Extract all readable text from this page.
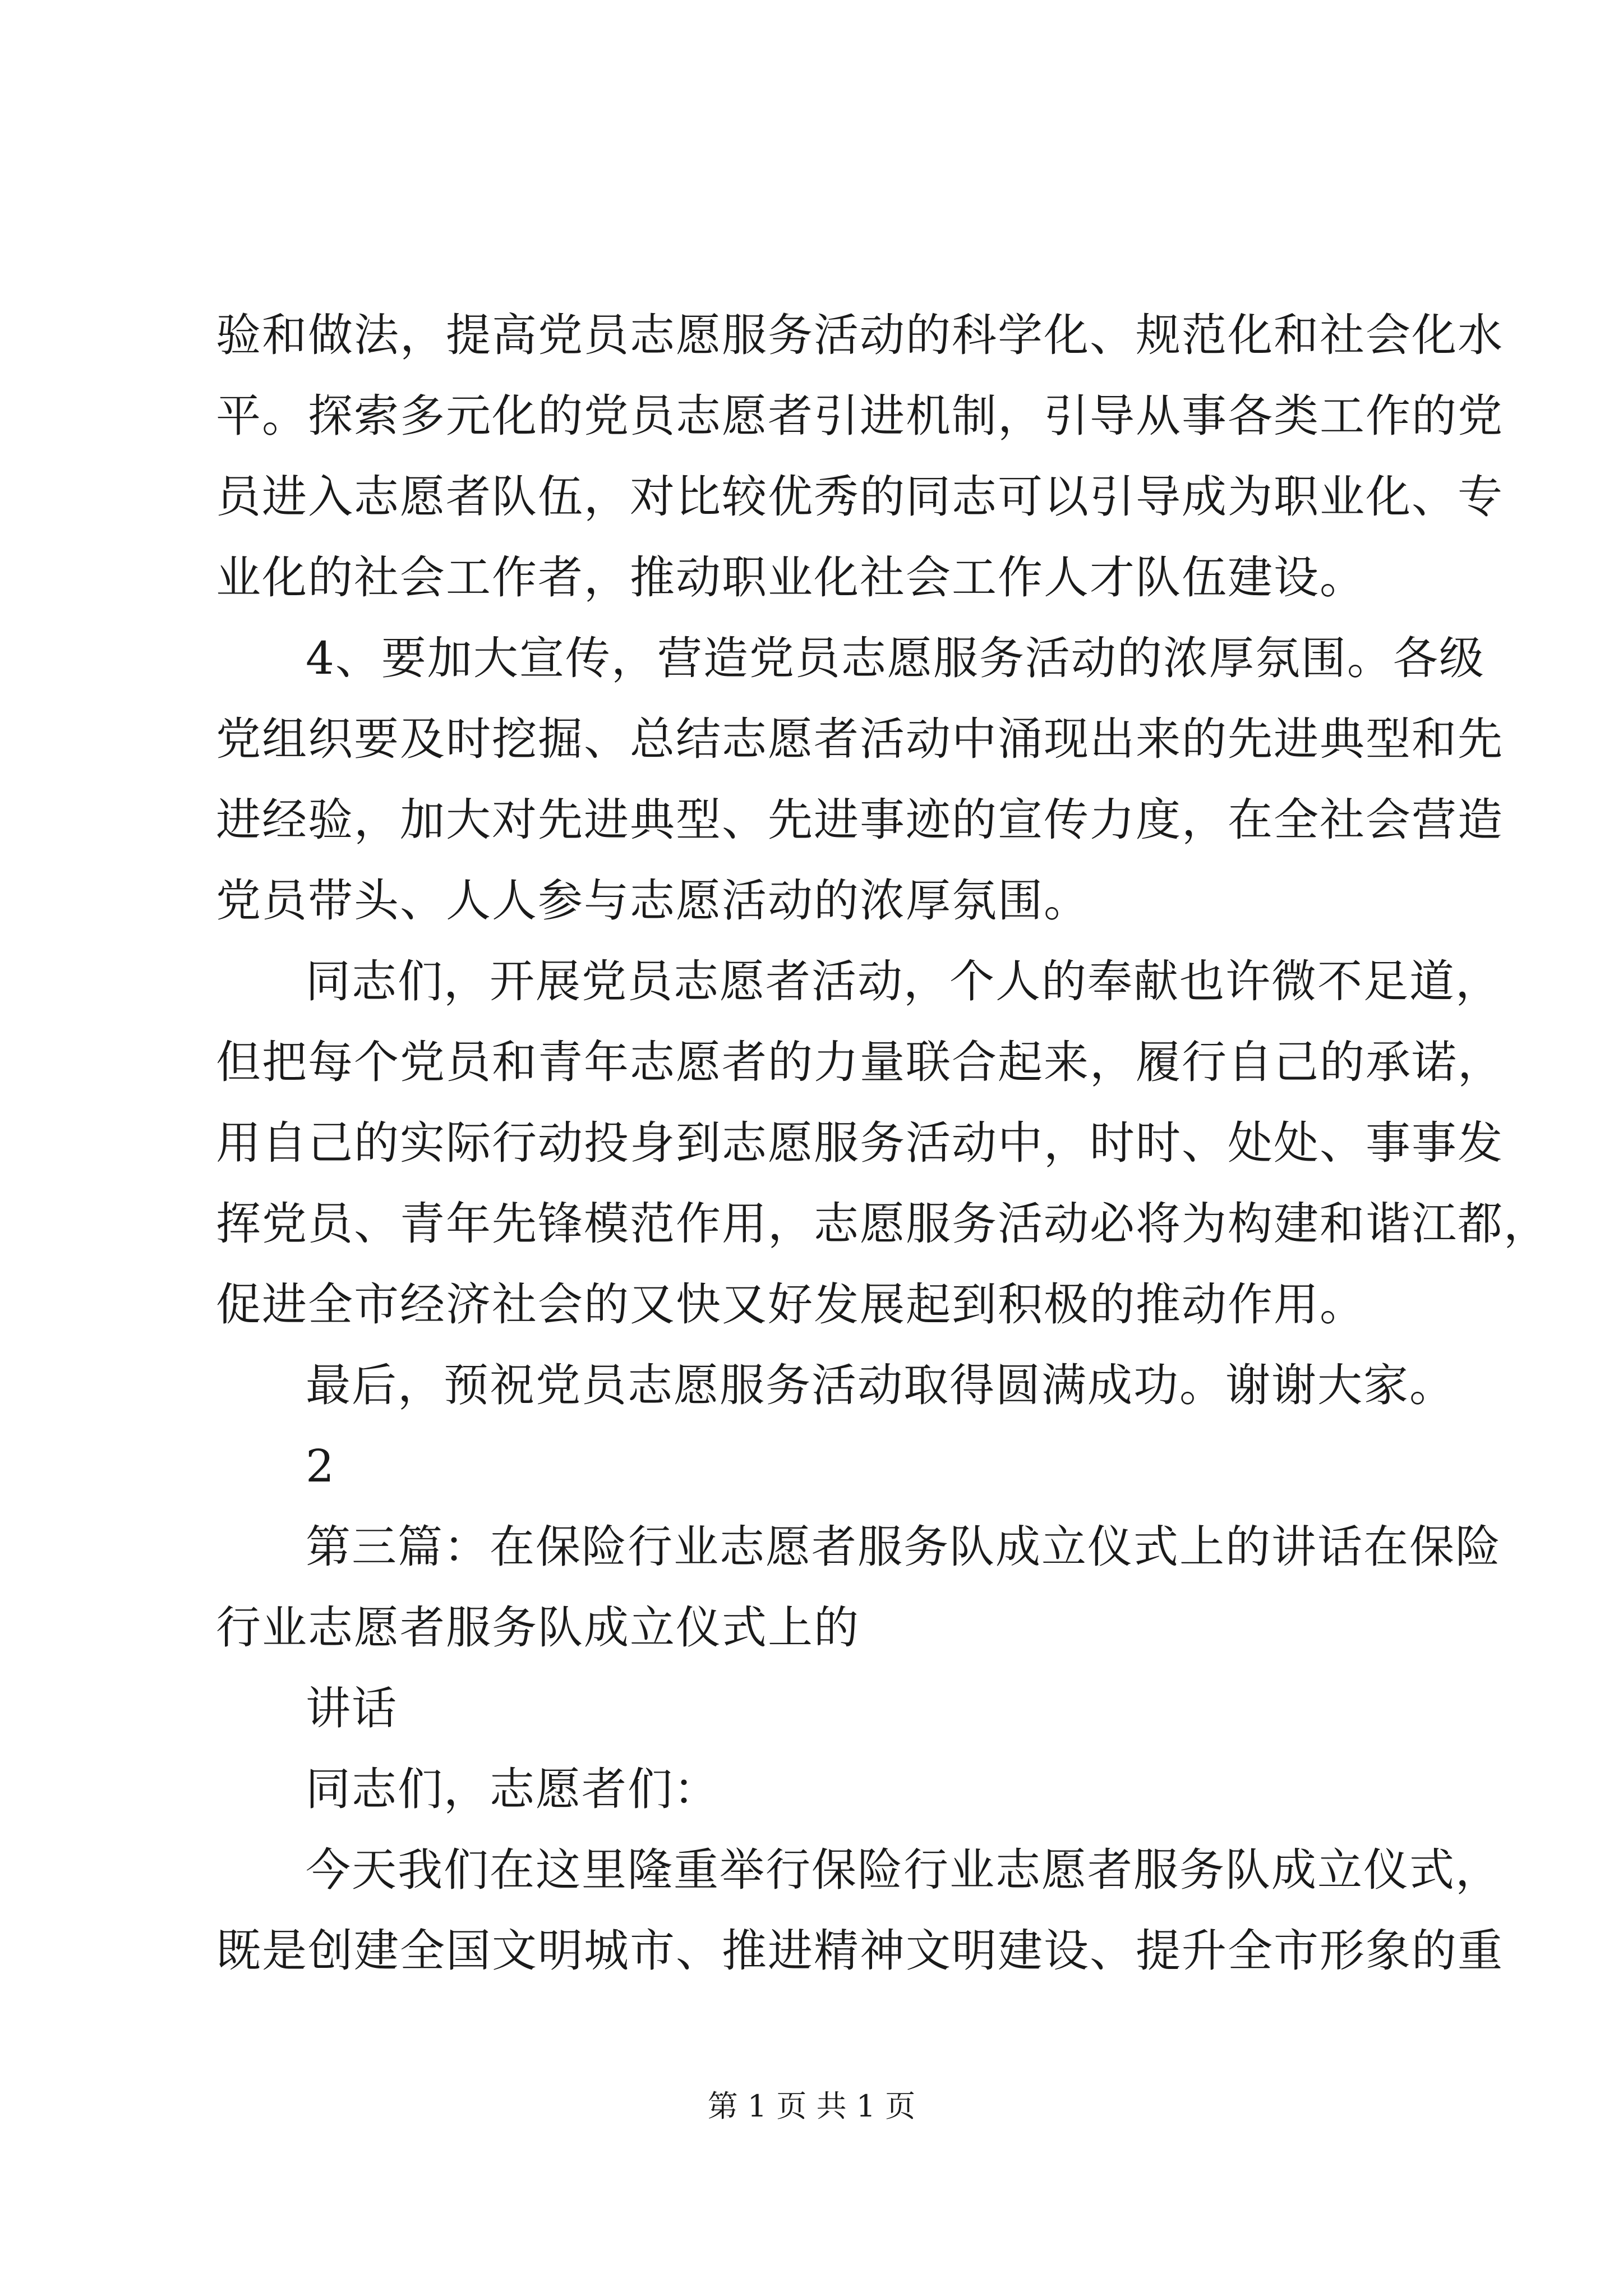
验和做法，提高党员志愿服务活动的科学化、规范化和社会化水
平。探索多元化的党员志愿者引进机制，引导从事各类工作的党
员进入志愿者队伍，对比较优秀的同志可以引导成为职业化、专
业化的社会工作者，推动职业化社会工作人才队伍建设。
4、要加大宣传，营造党员志愿服务活动的浓厚氛围。各级
党组织要及时挖掘、总结志愿者活动中涌现出来的先进典型和先
进经验，加大对先进典型、先进事迹的宣传力度，在全社会营造
党员带头、人人参与志愿活动的浓厚氛围。
同志们，开展党员志愿者活动，个人的奉献也许微不足道，
但把每个党员和青年志愿者的力量联合起来，履行自己的承诺，
用自己的实际行动投身到志愿服务活动中，时时、处处、事事发
挥党员、青年先锋模范作用，志愿服务活动必将为构建和谐江都，
促进全市经济社会的又快又好发展起到积极的推动作用。
最后，预祝党员志愿服务活动取得圆满成功。谢谢大家。
2
第三篇：在保险行业志愿者服务队成立仪式上的讲话在保险
行业志愿者服务队成立仪式上的
讲话
同志们，志愿者们：
今天我们在这里隆重举行保险行业志愿者服务队成立仪式，
既是创建全国文明城市、推进精神文明建设、提升全市形象的重
第 1 页 共 1 页
